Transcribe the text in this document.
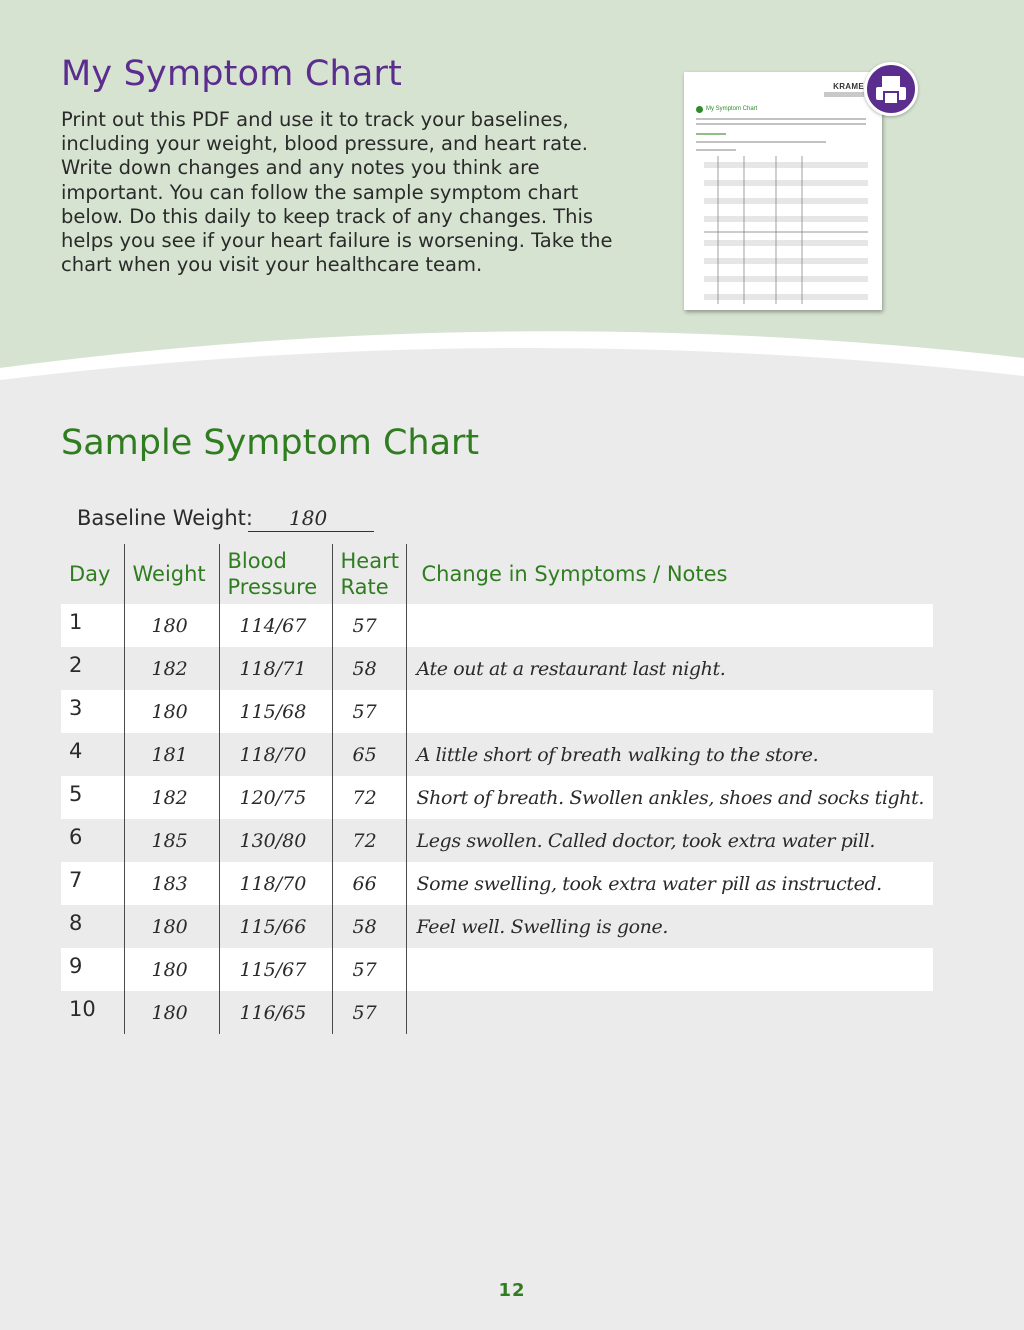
My Symptom Chart

Print out this PDF and use it to track your baselines, including your weight, blood pressure, and heart rate. Write down changes and any notes you think are important. You can follow the sample symptom chart below. Do this daily to keep track of any changes. This helps you see if your heart failure is worsening. Take the chart when you visit your healthcare team.

KRAME
My Symptom Chart
Sample Symptom Chart
Baseline Weight:	180
Day	Weight	Blood Pressure	Heart Rate	Change in Symptoms / Notes
1	180	114/67	57	
2	182	118/71	58	Ate out at a restaurant last night.
3	180	115/68	57	
4	181	118/70	65	A little short of breath walking to the store.
5	182	120/75	72	Short of breath. Swollen ankles, shoes and socks tight.
6	185	130/80	72	Legs swollen. Called doctor, took extra water pill.
7	183	118/70	66	Some swelling, took extra water pill as instructed.
8	180	115/66	58	Feel well. Swelling is gone.
9	180	115/67	57	
10	180	116/65	57	
12
